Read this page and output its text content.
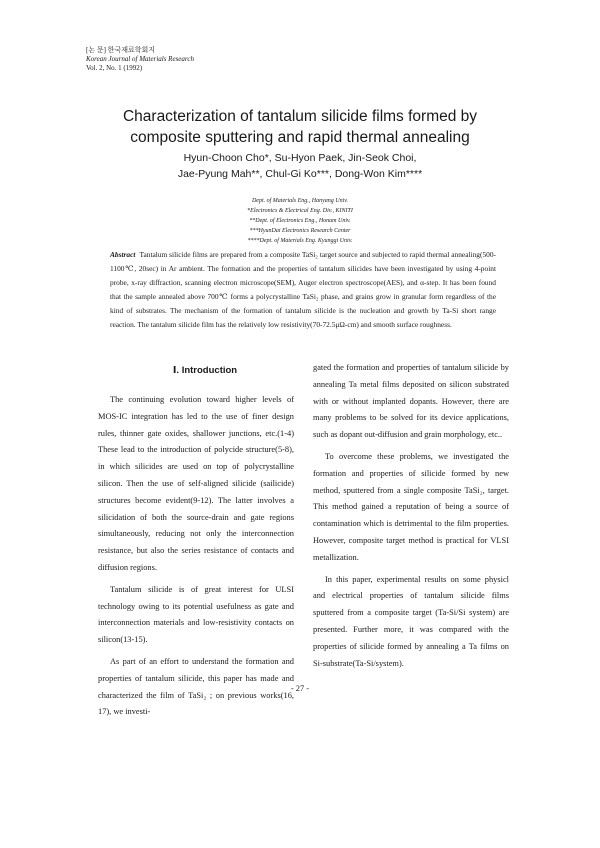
[논 문] 한국재료학회지
Korean Journal of Materials Research
Vol. 2, No. 1 (1992)
Characterization of tantalum silicide films formed by
composite sputtering and rapid thermal annealing
Hyun-Choon Cho*, Su-Hyon Paek, Jin-Seok Choi,
Jae-Pyung Mah**, Chul-Gi Ko***, Dong-Won Kim****
Dept. of Materials Eng., Hanyang Univ.
*Electronics & Electrical Eng. Div., KINITI
**Dept. of Electronics Eng., Honam Univ.
***HyunDai Electronics Research Center
****Dept. of Materials Eng. Kyunggi Univ.
Abstract Tantalum silicide films are prepared from a composite TaSi₂ target source and subjected to rapid thermal annealing(500-1100℃, 20sec) in Ar ambient. The formation and the properties of tantalum silicides have been investigated by using 4-point probe, x-ray diffraction, scanning electron microscope(SEM), Auger electron spectroscope(AES), and α-step. It has been found that the sample annealed above 700℃ forms a polycrystalline TaSi₂ phase, and grains grow in granular form regardless of the kind of substrates. The mechanism of the formation of tantalum silicide is the nucleation and growth by Ta-Si short range reaction. The tantalum silicide film has the relatively low resistivity(70-72.5μΩ-cm) and smooth surface roughness.
Ⅰ. Introduction

The continuing evolution toward higher levels of MOS-IC integration has led to the use of finer design rules, thinner gate oxides, shallower junctions, etc.(1-4) These lead to the introduction of polycide structure(5-8), in which silicides are used on top of polycrystalline silicon. Then the use of self-aligned silicide (sailicide) structures become evident(9-12). The latter involves a silicidation of both the source-drain and gate regions simultaneously, reducing not only the interconnection resistance, but also the series resistance of contacts and diffusion regions.

Tantalum silicide is of great interest for ULSI technology owing to its potential usefulness as gate and interconnection materials and low-resistivity contacts on silicon(13-15).

As part of an effort to understand the formation and properties of tantalum silicide, this paper has made and characterized the film of TaSi₂ ; on previous works(16, 17), we investi-

gated the formation and properties of tantalum silicide by annealing Ta metal films deposited on silicon substrated with or without implanted dopants. However, there are many problems to be solved for its device applications, such as dopant out-diffusion and grain morphology, etc..

To overcome these problems, we investigated the formation and properties of silicide formed by new method, sputtered from a single composite TaSi₂, target. This method gained a reputation of being a source of contamination which is detrimental to the film properties. However, composite target method is practical for VLSI metallization.

In this paper, experimental results on some physicl and electrical properties of tantalum silicide films sputtered from a composite target (Ta-Si/Si system) are presented. Further more, it was compared with the properties of silicide formed by annealing a Ta films on Si-substrate(Ta-Si/system).

- 27 -
